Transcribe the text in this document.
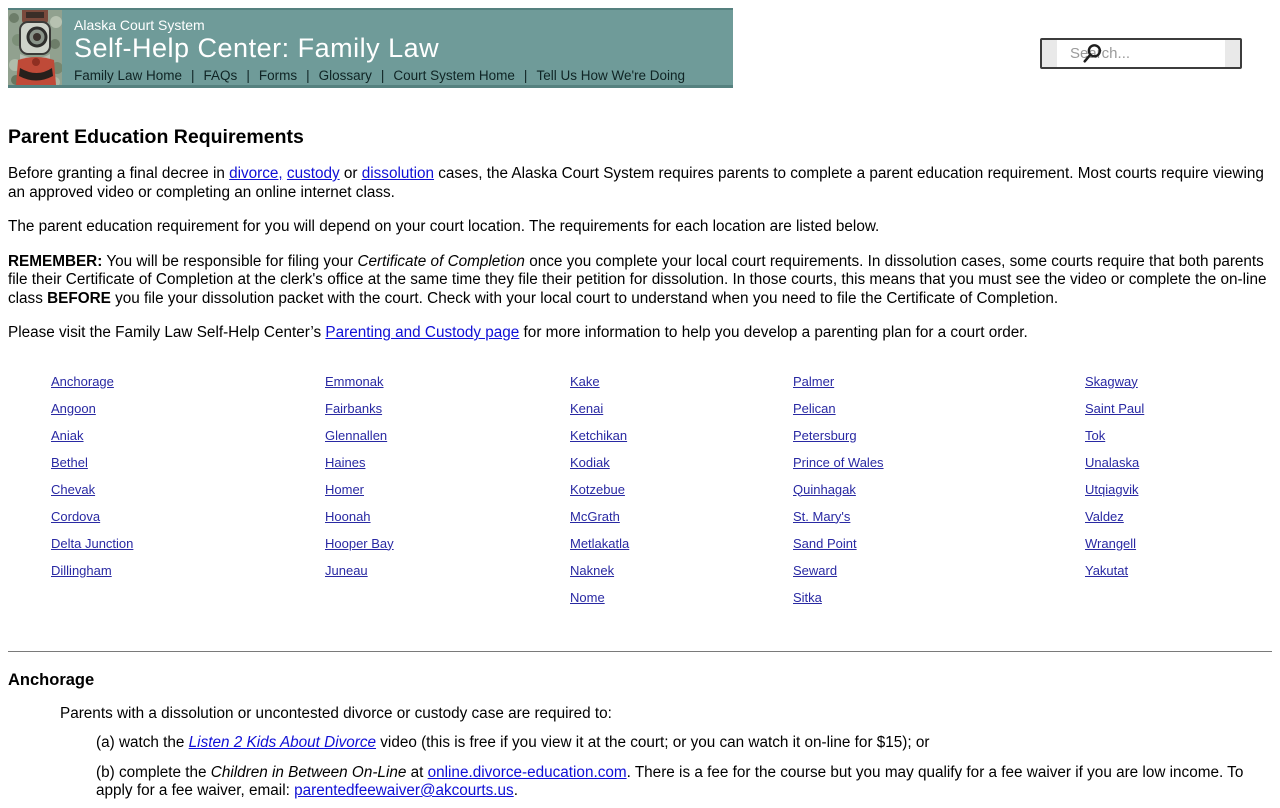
Alaska Court System
Self-Help Center: Family Law
Family Law Home | FAQs | Forms | Glossary | Court System Home | Tell Us How We're Doing
Search...
Parent Education Requirements

Before granting a final decree in divorce, custody or dissolution cases, the Alaska Court System requires parents to complete a parent education requirement. Most courts require viewing an approved video or completing an online internet class.

The parent education requirement for you will depend on your court location. The requirements for each location are listed below.

REMEMBER: You will be responsible for filing your Certificate of Completion once you complete your local court requirements. In dissolution cases, some courts require that both parents file their Certificate of Completion at the clerk's office at the same time they file their petition for dissolution. In those courts, this means that you must see the video or complete the on-line class BEFORE you file your dissolution packet with the court. Check with your local court to understand when you need to file the Certificate of Completion.

Please visit the Family Law Self-Help Center’s Parenting and Custody page for more information to help you develop a parenting plan for a court order.

Anchorage
Angoon
Aniak
Bethel
Chevak
Cordova
Delta Junction
Dillingham
Emmonak
Fairbanks
Glennallen
Haines
Homer
Hoonah
Hooper Bay
Juneau
Kake
Kenai
Ketchikan
Kodiak
Kotzebue
McGrath
Metlakatla
Naknek
Nome
Palmer
Pelican
Petersburg
Prince of Wales
Quinhagak
St. Mary's
Sand Point
Seward
Sitka
Skagway
Saint Paul
Tok
Unalaska
Utqiagvik
Valdez
Wrangell
Yakutat
Anchorage

Parents with a dissolution or uncontested divorce or custody case are required to:

(a) watch the Listen 2 Kids About Divorce video (this is free if you view it at the court; or you can watch it on-line for $15); or

(b) complete the Children in Between On-Line at online.divorce-education.com. There is a fee for the course but you may qualify for a fee waiver if you are low income. To apply for a fee waiver, email: parentedfeewaiver@akcourts.us.
